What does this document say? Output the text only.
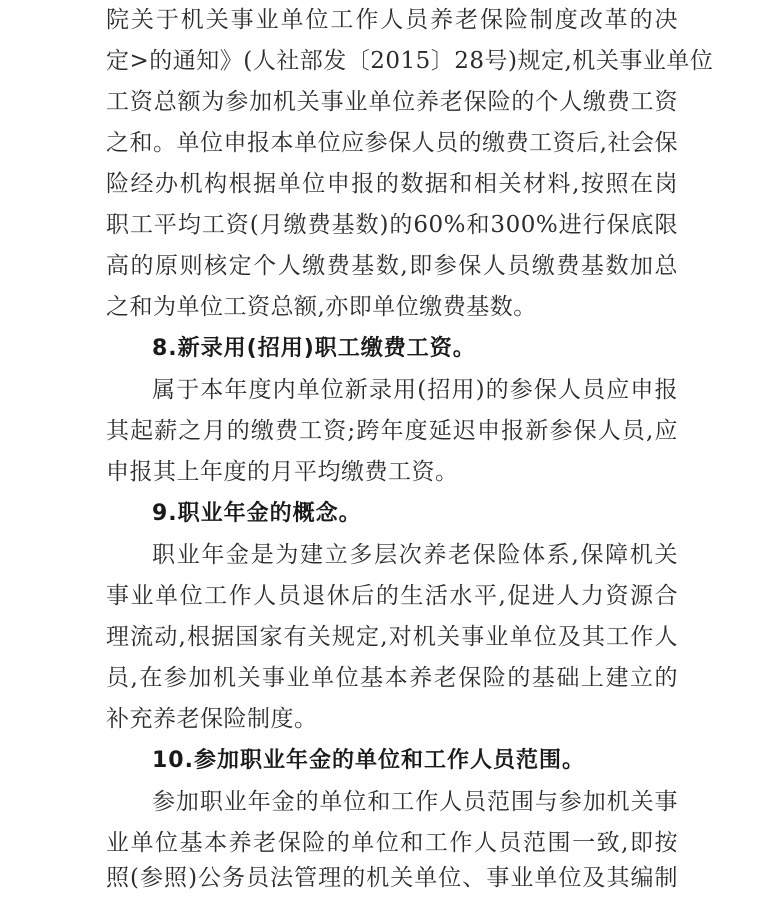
院关于机关事业单位工作人员养老保险制度改革的决
定>的通知》(人社部发〔2015〕28号)规定,机关事业单位
工资总额为参加机关事业单位养老保险的个人缴费工资
之和。单位申报本单位应参保人员的缴费工资后,社会保
险经办机构根据单位申报的数据和相关材料,按照在岗
职工平均工资(月缴费基数)的60%和300%进行保底限
高的原则核定个人缴费基数,即参保人员缴费基数加总
之和为单位工资总额,亦即单位缴费基数。
8.新录用(招用)职工缴费工资。
属于本年度内单位新录用(招用)的参保人员应申报
其起薪之月的缴费工资;跨年度延迟申报新参保人员,应
申报其上年度的月平均缴费工资。
9.职业年金的概念。
职业年金是为建立多层次养老保险体系,保障机关
事业单位工作人员退休后的生活水平,促进人力资源合
理流动,根据国家有关规定,对机关事业单位及其工作人
员,在参加机关事业单位基本养老保险的基础上建立的
补充养老保险制度。
10.参加职业年金的单位和工作人员范围。
参加职业年金的单位和工作人员范围与参加机关事
业单位基本养老保险的单位和工作人员范围一致,即按
照(参照)公务员法管理的机关单位、事业单位及其编制
